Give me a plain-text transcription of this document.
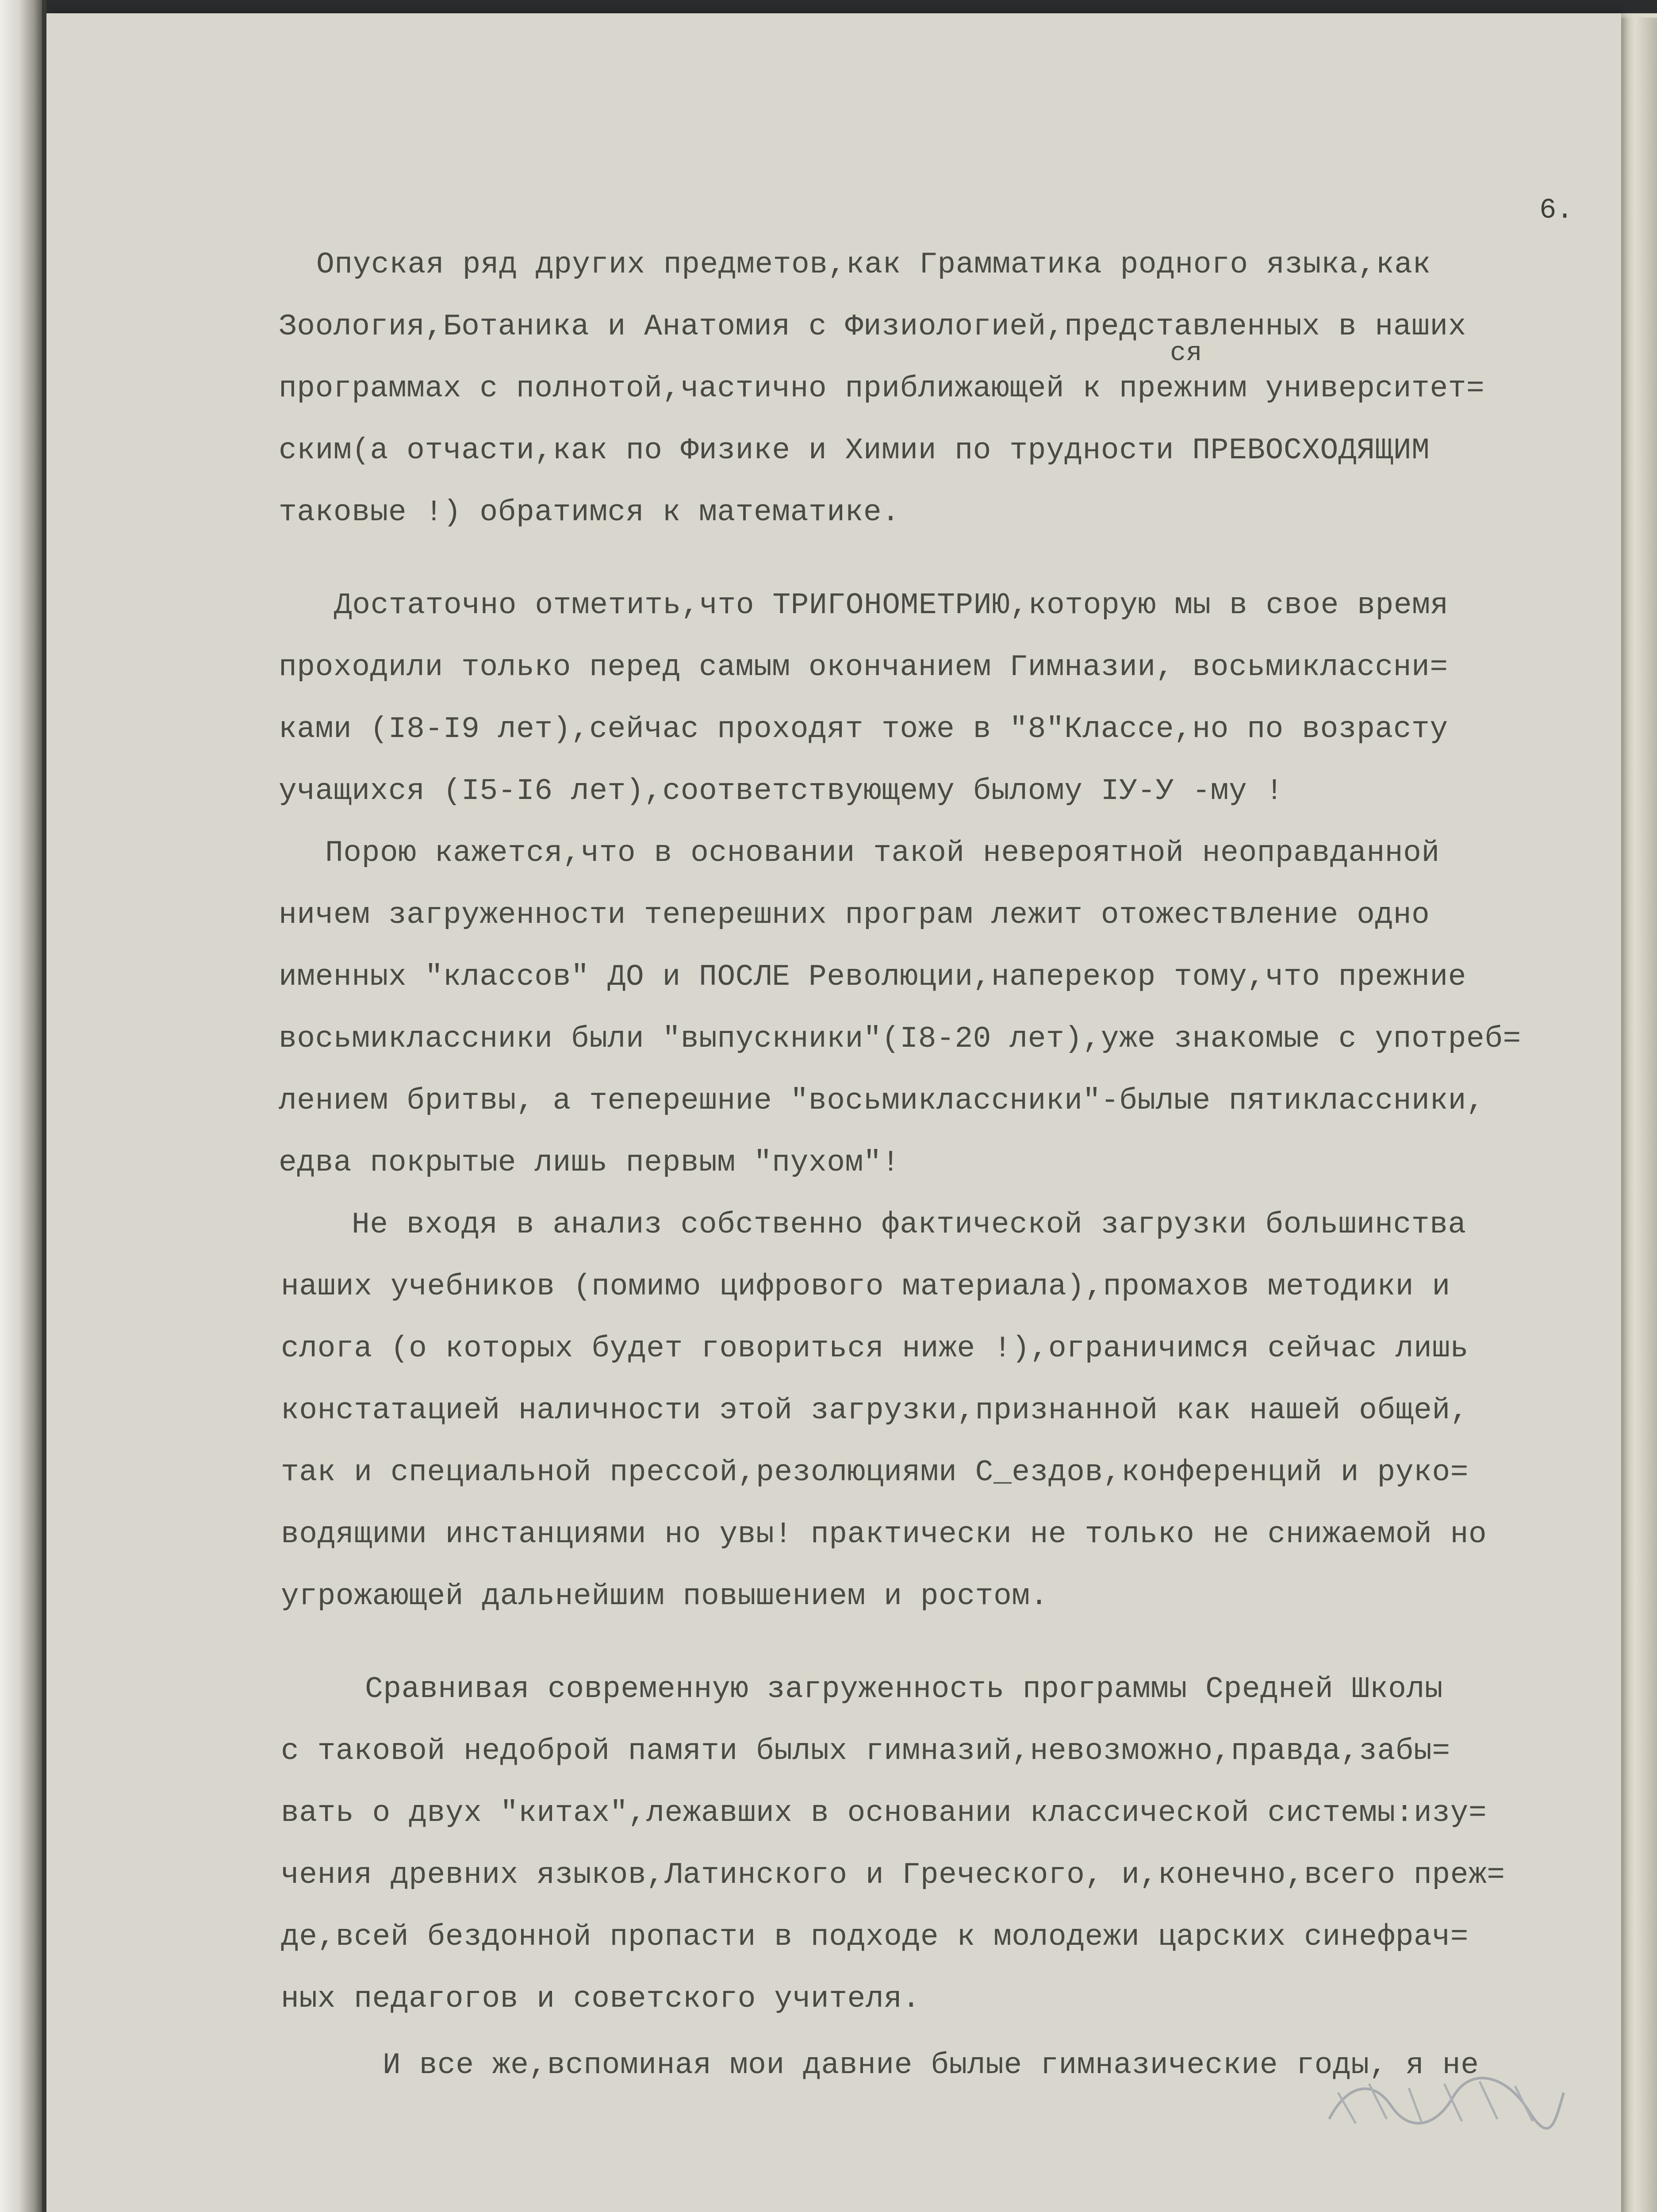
6.
Опуская ряд других предметов,как Грамматика родного языка,как
Зоология,Ботаника и Анатомия с Физиологией,представленных в наших
ся
программах с полнотой,частично приближающей к прежним университет=
ским(а отчасти,как по Физике и Химии по трудности ПРЕВОСХОДЯЩИМ
таковые !) обратимся к математике.
Достаточно отметить,что ТРИГОНОМЕТРИЮ,которую мы в свое время
проходили только перед самым окончанием Гимназии, восьмиклассни=
ками (I8-I9 лет),сейчас проходят тоже в "8"Классе,но по возрасту
учащихся (I5-I6 лет),соответствующему былому IУ-У -му !
Порою кажется,что в основании такой невероятной неоправданной
ничем загруженности теперешних програм лежит отожествление одно
именных "классов" ДО и ПОСЛЕ Революции,наперекор тому,что прежние
восьмиклассники были "выпускники"(I8-20 лет),уже знакомые с употреб=
лением бритвы, а теперешние "восьмиклассники"-былые пятиклассники,
едва покрытые лишь первым "пухом"!
Не входя в анализ собственно фактической загрузки большинства
наших учебников (помимо цифрового материала),промахов методики и
слога (о которых будет говориться ниже !),ограничимся сейчас лишь
констатацией наличности этой загрузки,признанной как нашей общей,
так и специальной прессой,резолюциями С_ездов,конференций и руко=
водящими инстанциями но увы! практически не только не снижаемой но
угрожающей дальнейшим повышением и ростом.
Сравнивая современную загруженность программы Средней Школы
с таковой недоброй памяти былых гимназий,невозможно,правда,забы=
вать о двух "китах",лежавших в основании классической системы:изу=
чения древних языков,Латинского и Греческого, и,конечно,всего преж=
де,всей бездонной пропасти в подходе к молодежи царских синефрач=
ных педагогов и советского учителя.
И все же,вспоминая мои давние былые гимназические годы, я не
